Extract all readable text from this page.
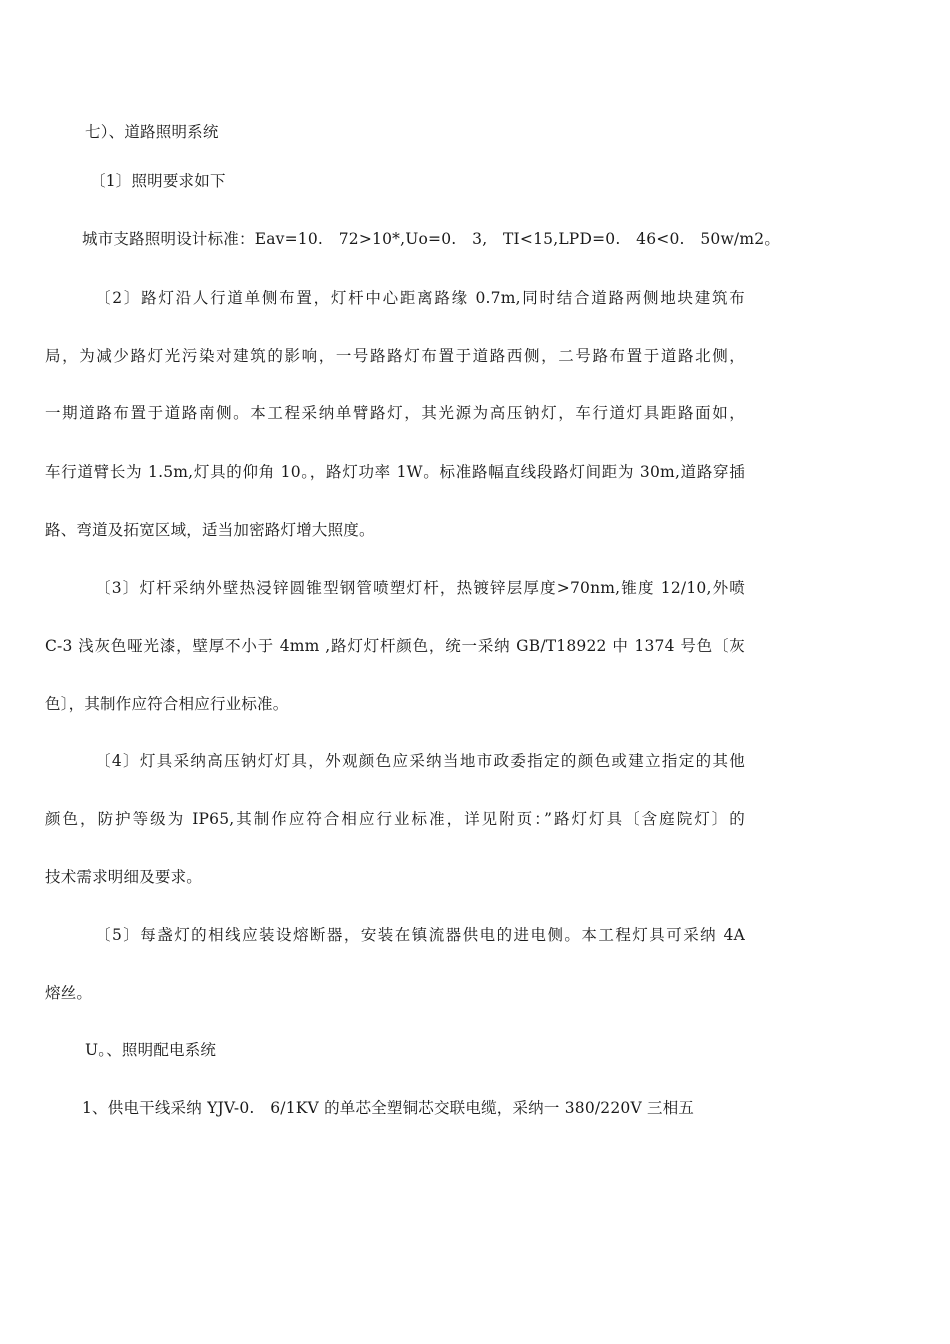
七）、道路照明系统
〔1〕照明要求如下
城市支路照明设计标准：Eav=10.　72>10*,Uo=0.　3,　TI<15,LPD=0.　46<0.　50w/m2。
〔2〕路灯沿人行道单侧布置，灯杆中心距离路缘 0.7m,同时结合道路两侧地块建筑布
局，为减少路灯光污染对建筑的影响，一号路路灯布置于道路西侧，二号路布置于道路北侧，
一期道路布置于道路南侧。本工程采纳单臂路灯，其光源为高压钠灯，车行道灯具距路面如，
车行道臂长为 1.5m,灯具的仰角 10。，路灯功率 1W。标准路幅直线段路灯间距为 30m,道路穿插
路、弯道及拓宽区域，适当加密路灯增大照度。
〔3〕灯杆采纳外壁热浸锌圆锥型钢管喷塑灯杆，热镀锌层厚度>70nm,锥度 12/10,外喷
C-3 浅灰色哑光漆，壁厚不小于 4mm ,路灯灯杆颜色，统一采纳 GB/T18922 中 1374 号色〔灰
色〕，其制作应符合相应行业标准。
〔4〕灯具采纳高压钠灯灯具，外观颜色应采纳当地市政委指定的颜色或建立指定的其他
颜色，防护等级为 IP65,其制作应符合相应行业标准，详见附页：”路灯灯具〔含庭院灯〕的
技术需求明细及要求。
〔5〕每盏灯的相线应装设熔断器，安装在镇流器供电的进电侧。本工程灯具可采纳 4A
熔丝。
U。、照明配电系统
1、供电干线采纳 YJV-0.　6/1KV 的单芯全塑铜芯交联电缆，采纳一 380/220V 三相五
